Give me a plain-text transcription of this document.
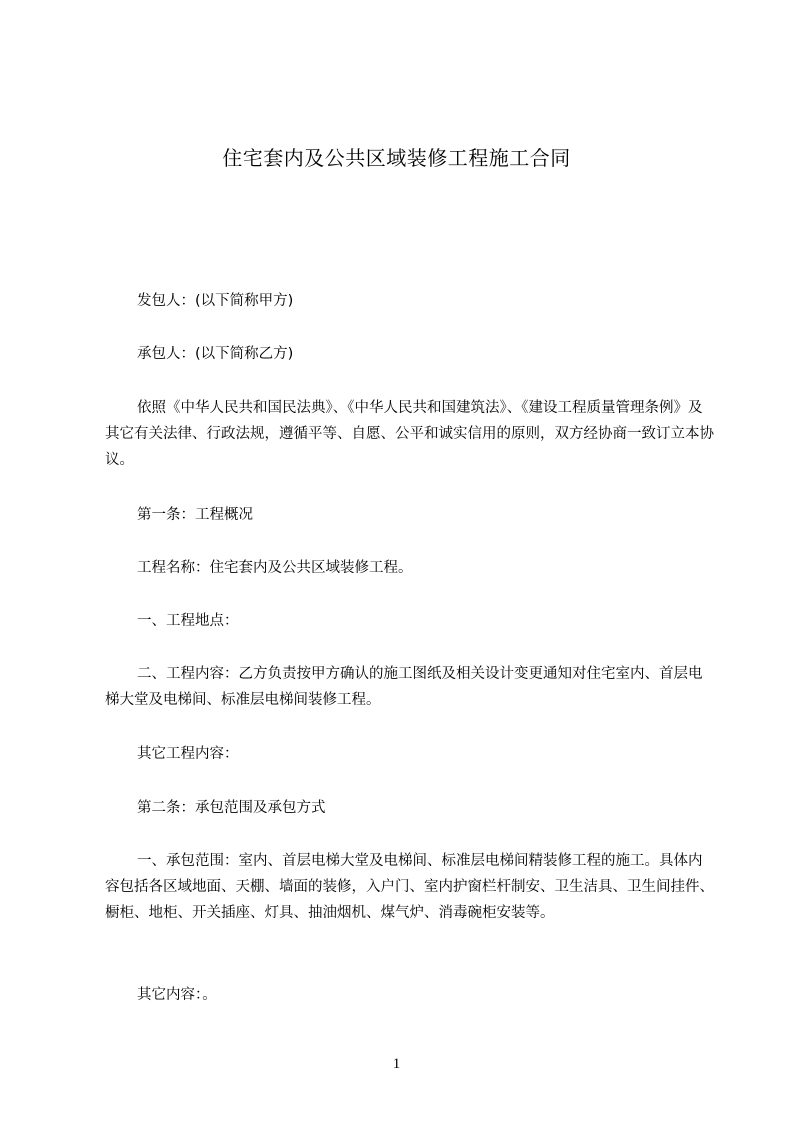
住宅套内及公共区域装修工程施工合同
发包人：(以下简称甲方)
承包人：(以下简称乙方)
依照《中华人民共和国民法典》、《中华人民共和国建筑法》、《建设工程质量管理条例》及其它有关法律、行政法规，遵循平等、自愿、公平和诚实信用的原则，双方经协商一致订立本协议。
第一条：工程概况
工程名称：住宅套内及公共区域装修工程。
一、工程地点：
二、工程内容：乙方负责按甲方确认的施工图纸及相关设计变更通知对住宅室内、首层电梯大堂及电梯间、标准层电梯间装修工程。
其它工程内容：
第二条：承包范围及承包方式
一、承包范围：室内、首层电梯大堂及电梯间、标准层电梯间精装修工程的施工。具体内容包括各区域地面、天棚、墙面的装修，入户门、室内护窗栏杆制安、卫生洁具、卫生间挂件、橱柜、地柜、开关插座、灯具、抽油烟机、煤气炉、消毒碗柜安装等。
其它内容：。
1
